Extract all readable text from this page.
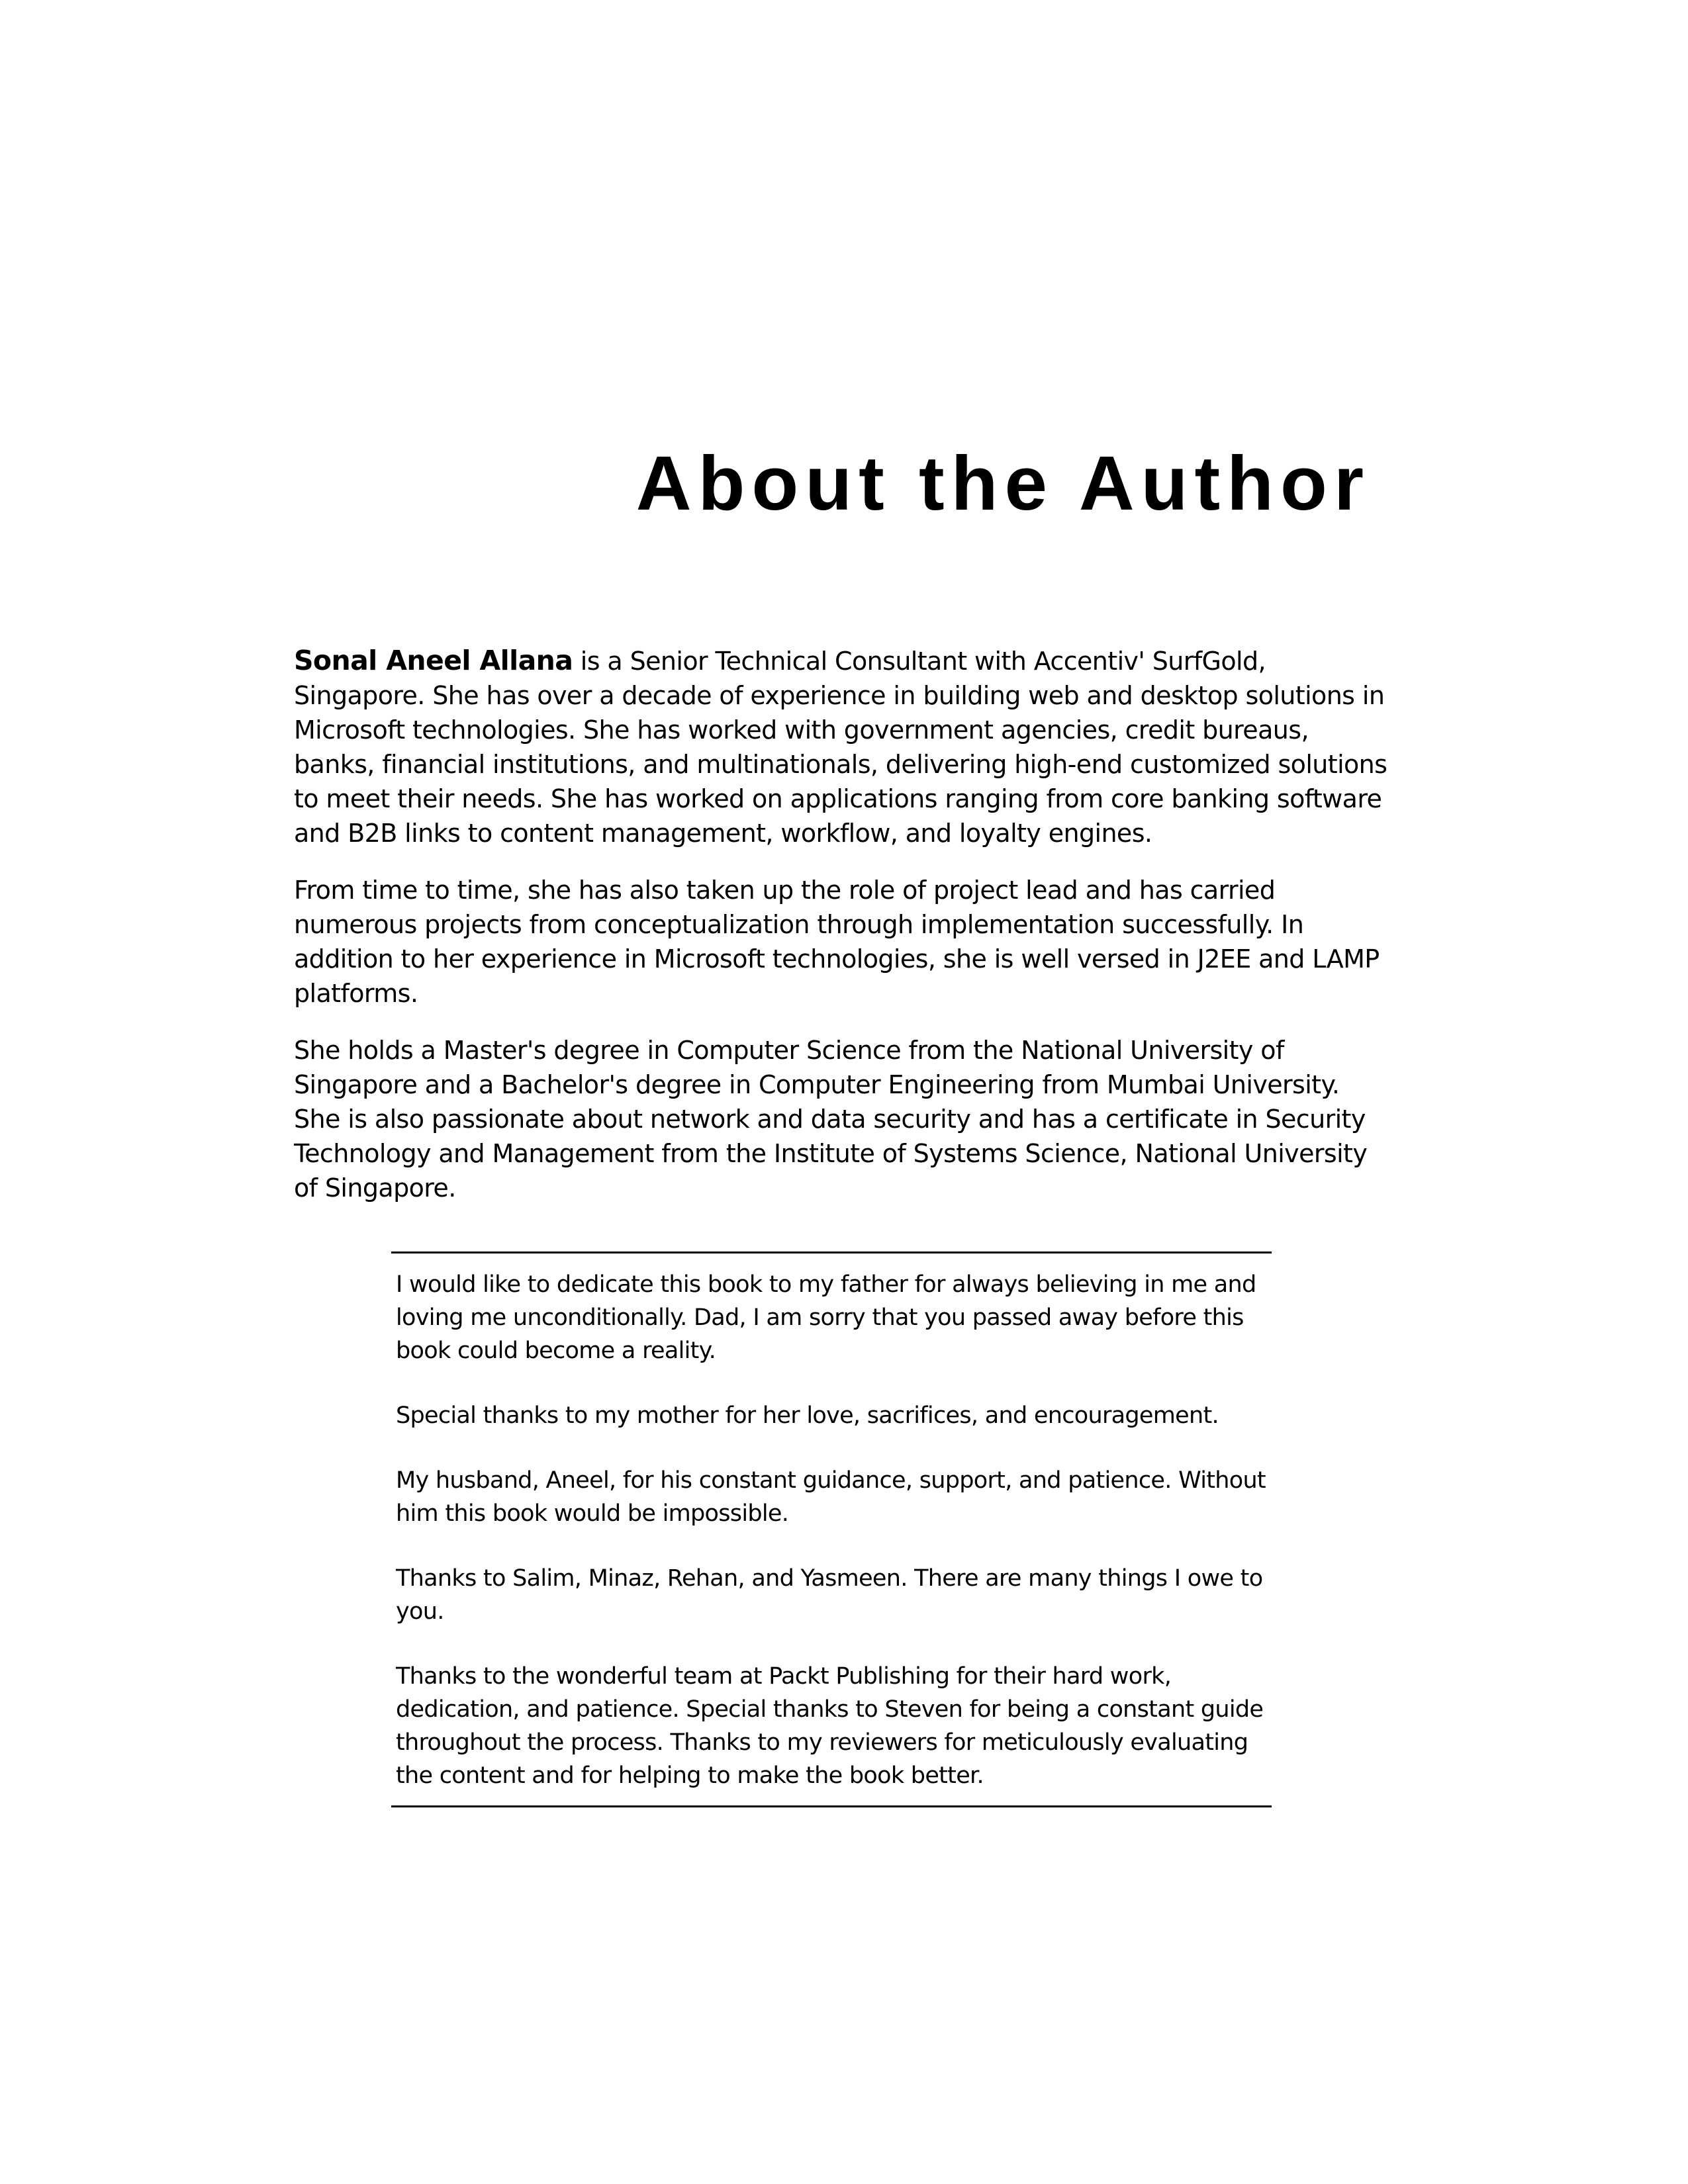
About the Author

Sonal Aneel Allana is a Senior Technical Consultant with Accentiv' SurfGold, Singapore. She has over a decade of experience in building web and desktop solutions in Microsoft technologies. She has worked with government agencies, credit bureaus, banks, financial institutions, and multinationals, delivering high-end customized solutions to meet their needs. She has worked on applications ranging from core banking software and B2B links to content management, workflow, and loyalty engines.

From time to time, she has also taken up the role of project lead and has carried numerous projects from conceptualization through implementation successfully. In addition to her experience in Microsoft technologies, she is well versed in J2EE and LAMP platforms.

She holds a Master's degree in Computer Science from the National University of Singapore and a Bachelor's degree in Computer Engineering from Mumbai University. She is also passionate about network and data security and has a certificate in Security Technology and Management from the Institute of Systems Science, National University of Singapore.

I would like to dedicate this book to my father for always believing in me and loving me unconditionally. Dad, I am sorry that you passed away before this book could become a reality.

Special thanks to my mother for her love, sacrifices, and encouragement.

My husband, Aneel, for his constant guidance, support, and patience. Without him this book would be impossible.

Thanks to Salim, Minaz, Rehan, and Yasmeen. There are many things I owe to you.

Thanks to the wonderful team at Packt Publishing for their hard work, dedication, and patience. Special thanks to Steven for being a constant guide throughout the process. Thanks to my reviewers for meticulously evaluating the content and for helping to make the book better.
